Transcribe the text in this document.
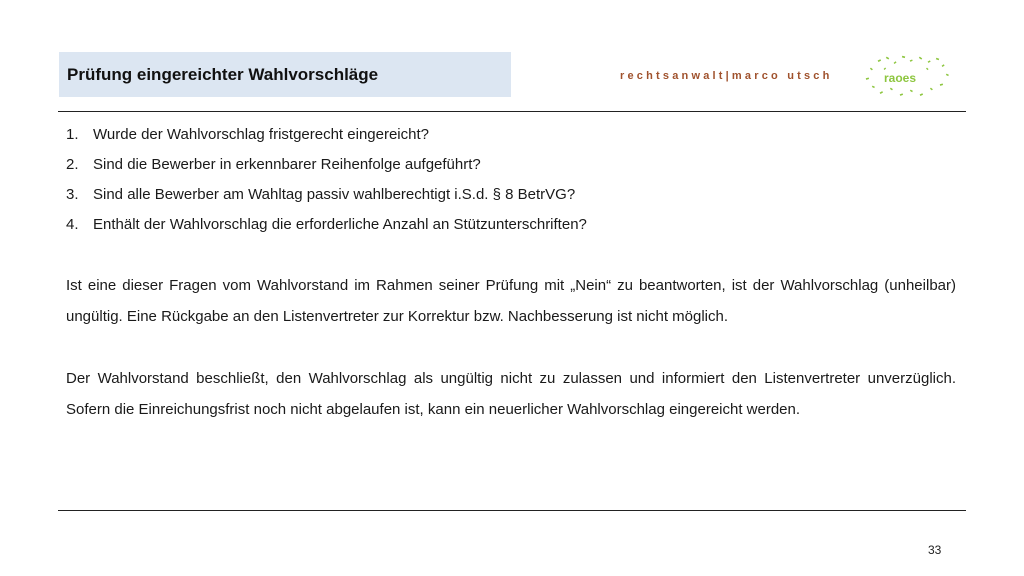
Prüfung eingereichter Wahlvorschläge	rechtsanwalt|marco utsch	raoes
1. Wurde der Wahlvorschlag fristgerecht eingereicht?
2. Sind die Bewerber in erkennbarer Reihenfolge aufgeführt?
3. Sind alle Bewerber am Wahltag passiv wahlberechtigt i.S.d. § 8 BetrVG?
4. Enthält der Wahlvorschlag die erforderliche Anzahl an Stützunterschriften?

Ist eine dieser Fragen vom Wahlvorstand im Rahmen seiner Prüfung mit „Nein“ zu beantworten, ist der Wahlvorschlag (unheilbar) ungültig. Eine Rückgabe an den Listenvertreter zur Korrektur bzw. Nachbesserung ist nicht möglich.

Der Wahlvorstand beschließt, den Wahlvorschlag als ungültig nicht zu zulassen und informiert den Listenvertreter unverzüglich. Sofern die Einreichungsfrist noch nicht abgelaufen ist, kann ein neuerlicher Wahlvorschlag eingereicht werden.

33
